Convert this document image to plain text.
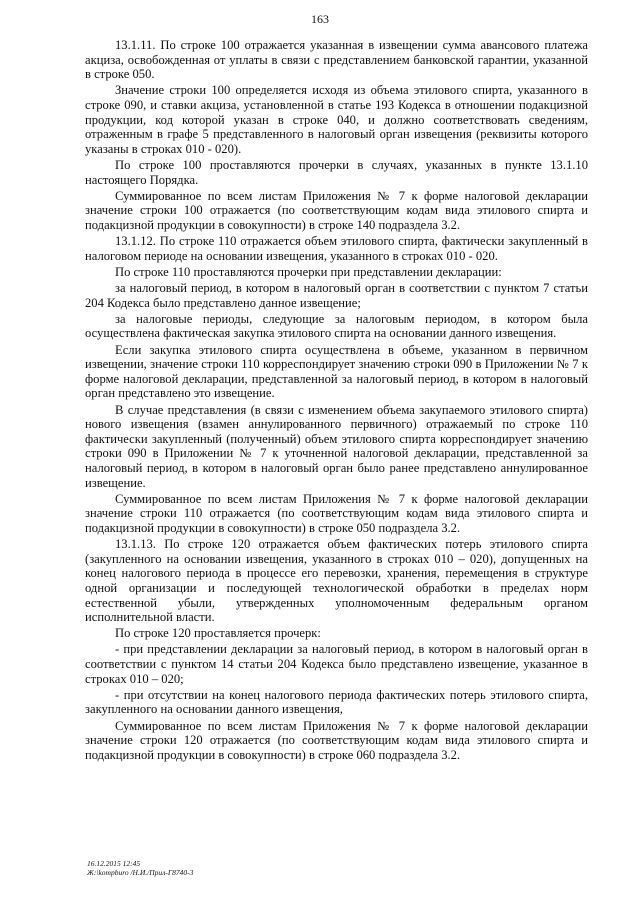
163

13.1.11. По строке 100 отражается указанная в извещении сумма авансового платежа акциза, освобожденная от уплаты в связи с представлением банковской гарантии, указанной в строке 050.

Значение строки 100 определяется исходя из объема этилового спирта, указанного в строке 090, и ставки акциза, установленной в статье 193 Кодекса в отношении подакцизной продукции, код которой указан в строке 040, и должно соответствовать сведениям, отраженным в графе 5 представленного в налоговый орган извещения (реквизиты которого указаны в строках 010 - 020).

По строке 100 проставляются прочерки в случаях, указанных в пункте 13.1.10 настоящего Порядка.

Суммированное по всем листам Приложения № 7 к форме налоговой декларации значение строки 100 отражается (по соответствующим кодам вида этилового спирта и подакцизной продукции в совокупности) в строке 140 подраздела 3.2.

13.1.12. По строке 110 отражается объем этилового спирта, фактически закупленный в налоговом периоде на основании извещения, указанного в строках 010 - 020.

По строке 110 проставляются прочерки при представлении декларации:

за налоговый период, в котором в налоговый орган в соответствии с пунктом 7 статьи 204 Кодекса было представлено данное извещение;

за налоговые периоды, следующие за налоговым периодом, в котором была осуществлена фактическая закупка этилового спирта на основании данного извещения.

Если закупка этилового спирта осуществлена в объеме, указанном в первичном извещении, значение строки 110 корреспондирует значению строки 090 в Приложении № 7 к форме налоговой декларации, представленной за налоговый период, в котором в налоговый орган представлено это извещение.

В случае представления (в связи с изменением объема закупаемого этилового спирта) нового извещения (взамен аннулированного первичного) отражаемый по строке 110 фактически закупленный (полученный) объем этилового спирта корреспондирует значению строки 090 в Приложении № 7 к уточненной налоговой декларации, представленной за налоговый период, в котором в налоговый орган было ранее представлено аннулированное извещение.

Суммированное по всем листам Приложения № 7 к форме налоговой декларации значение строки 110 отражается (по соответствующим кодам вида этилового спирта и подакцизной продукции в совокупности) в строке 050 подраздела 3.2.

13.1.13. По строке 120 отражается объем фактических потерь этилового спирта (закупленного на основании извещения, указанного в строках 010 – 020), допущенных на конец налогового периода в процессе его перевозки, хранения, перемещения в структуре одной организации и последующей технологической обработки в пределах норм естественной убыли, утвержденных уполномоченным федеральным органом исполнительной власти.

По строке 120 проставляется прочерк:

- при представлении декларации за налоговый период, в котором в налоговый орган в соответствии с пунктом 14 статьи 204 Кодекса было представлено извещение, указанное в строках 010 – 020;

- при отсутствии на конец налогового периода фактических потерь этилового спирта, закупленного на основании данного извещения,

Суммированное по всем листам Приложения № 7 к форме налоговой декларации значение строки 120 отражается (по соответствующим кодам вида этилового спирта и подакцизной продукции в совокупности) в строке 060 подраздела 3.2.

16.12.2015 12:45
Ж:\kompburo /Н.И./Прил-Г8740-3
